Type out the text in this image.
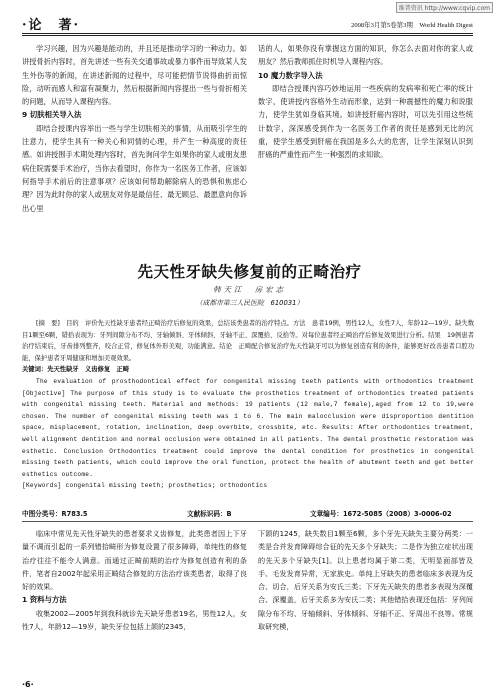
维普资讯 http://www.cqvip.com
·论　著·	2008年3月第5卷第3期　World Health Digest

学习兴趣，因为兴趣是能动的，并且还是推动学习的一种动力。如讲授骨折内容时，首先讲述一些有关交通事故或暴力事件而导致某人发生外伤等的新闻，在讲述新闻的过程中，尽可能把情节说得曲折而惊险，动听而感人和富有凝聚力，然后根据新闻内容提出一些与骨折相关的问题，从而导入课程内容。

9 切肤相关导入法

即结合授课内容举出一些与学生切肤相关的事情，从而吸引学生的注意力，使学生具有一种关心和同情的心理，并产生一种高度的责任感。如讲授围手术期处理内容时，首先询问学生如果你的家人或朋友患病住院需要手术治疗，当你去看望时，你作为一名医务工作者，应该如何指导手术前后的注意事项？应该如何帮助解除病人的恐惧和焦虑心理？因为此时你的家人或朋友对你是最信任、最无顾忌、最愿意向你诉出心里

话的人，如果你没有掌握这方面的知识，你怎么去面对你的家人或朋友？然后教师抓住时机导入课程内容。

10 魔力数字导入法

即结合授课内容巧妙地运用一些疾病的发病率和死亡率的统计数字，使讲授内容格外生动而形象，达到一种震撼性的魔力和说服力，使学生犹如身临其境。如讲授肝癌内容时，可以先引用这些统计数字，深深感受到作为一名医务工作者的责任是感到无比的沉重，使学生感受到肝癌在我国是多么大的危害，让学生深刻认识到肝癌的严重性而产生一种强烈的求知欲。

先天性牙缺失修复前的正畸治疗
韩天江　房宏志
（成都市第三人民医院　610031）

[摘　要]　目的　评价先天性缺牙患者经正畸治疗后修复的效果，总结该类患者的治疗特点。方法　患者19例，男性12人，女性7人，年龄12—19岁。缺失数目1颗至6颗，错拾表现为：牙列间隙分布不均、牙轴倾斜、牙体倾斜、牙轴不正、深覆拾、反拾等。对每位患者经正畸治疗后修复效果进行分析。结果　19例患者治疗结束后，牙齿排列整齐，咬合正常，修复体外形美观，功能满意。结论　正畸配合修复治疗先天性缺牙可以为修复创造有利的条件，能够更好改善患者口腔功能，保护患者牙周健康和增加美观效果。

关键词：先天性缺牙　义齿修复　正畸

The evaluation of prosthodontical effect for congenital missing teeth patients with orthodontics treatment [Objective] The purpose of this study is to evaluate the prosthetics treatment of orthodontics treated patients with congenital missing teeth. Material and methods: 19 patients (12 male,7 female),aged from 12 to 19,were chosen. The number of congenital missing teeth was 1 to 6. The main malocclusion were disproportion dentition space, misplacement, rotation, inclination, deep overbite, crossbite, etc. Results: After orthodontics treatment, well alignment dentition and normal occlusion were obtained in all patients. The dental prosthetic restoration was esthetic. Conclusion Orthodontics treatment could improve the dental condition for prosthetics in congenital missing teeth patients, which could improve the oral function, protect the health of abutment teeth and get better esthetics outcome.

[Keywords] congenital missing teeth; prosthetics; orthodontics

中图分类号：R783.5	文献标识码：B	文章编号：1672-5085（2008）3-0006-02

临床中常见先天性牙缺失的患者要求义齿修复，此类患者因上下牙量不调而引起的一系列错拾畸形为修复设置了很多障碍，单纯性的修复治疗往往不能令人满意。而通过正畸前期的治疗为修复创造有利的条件，笔者自2002年起采用正畸结合修复的方法治疗该类患者，取得了良好的效果。

1 资料与方法

收集2002—2005年到我科就诊先天缺牙患者19名，男性12人，女性7人，年龄12—19岁，缺失牙位包括上颌的2345，

下颌的1245，缺失数目1颗至6颗，多个牙先天缺失主要分两类：一类是合并发育障碍综合征的先天多个牙缺失；二是作为独立症状出现的先天多个牙缺失[1]。以上患者均属于第二类，无明显面部皆及手、毛发发育异常，无家族史。单纯上牙缺失的患者临床多表现为反合、切合，后牙关系为安氏三类；下牙先天缺失的患者多表现为深覆合、深覆盖，后牙关系多为安氏二类；其他错拾表现还包括：牙列间隙分布不均、牙轴倾斜、牙体倾斜、牙轴不正、牙周出不良等。常规取研究模，

·6·
